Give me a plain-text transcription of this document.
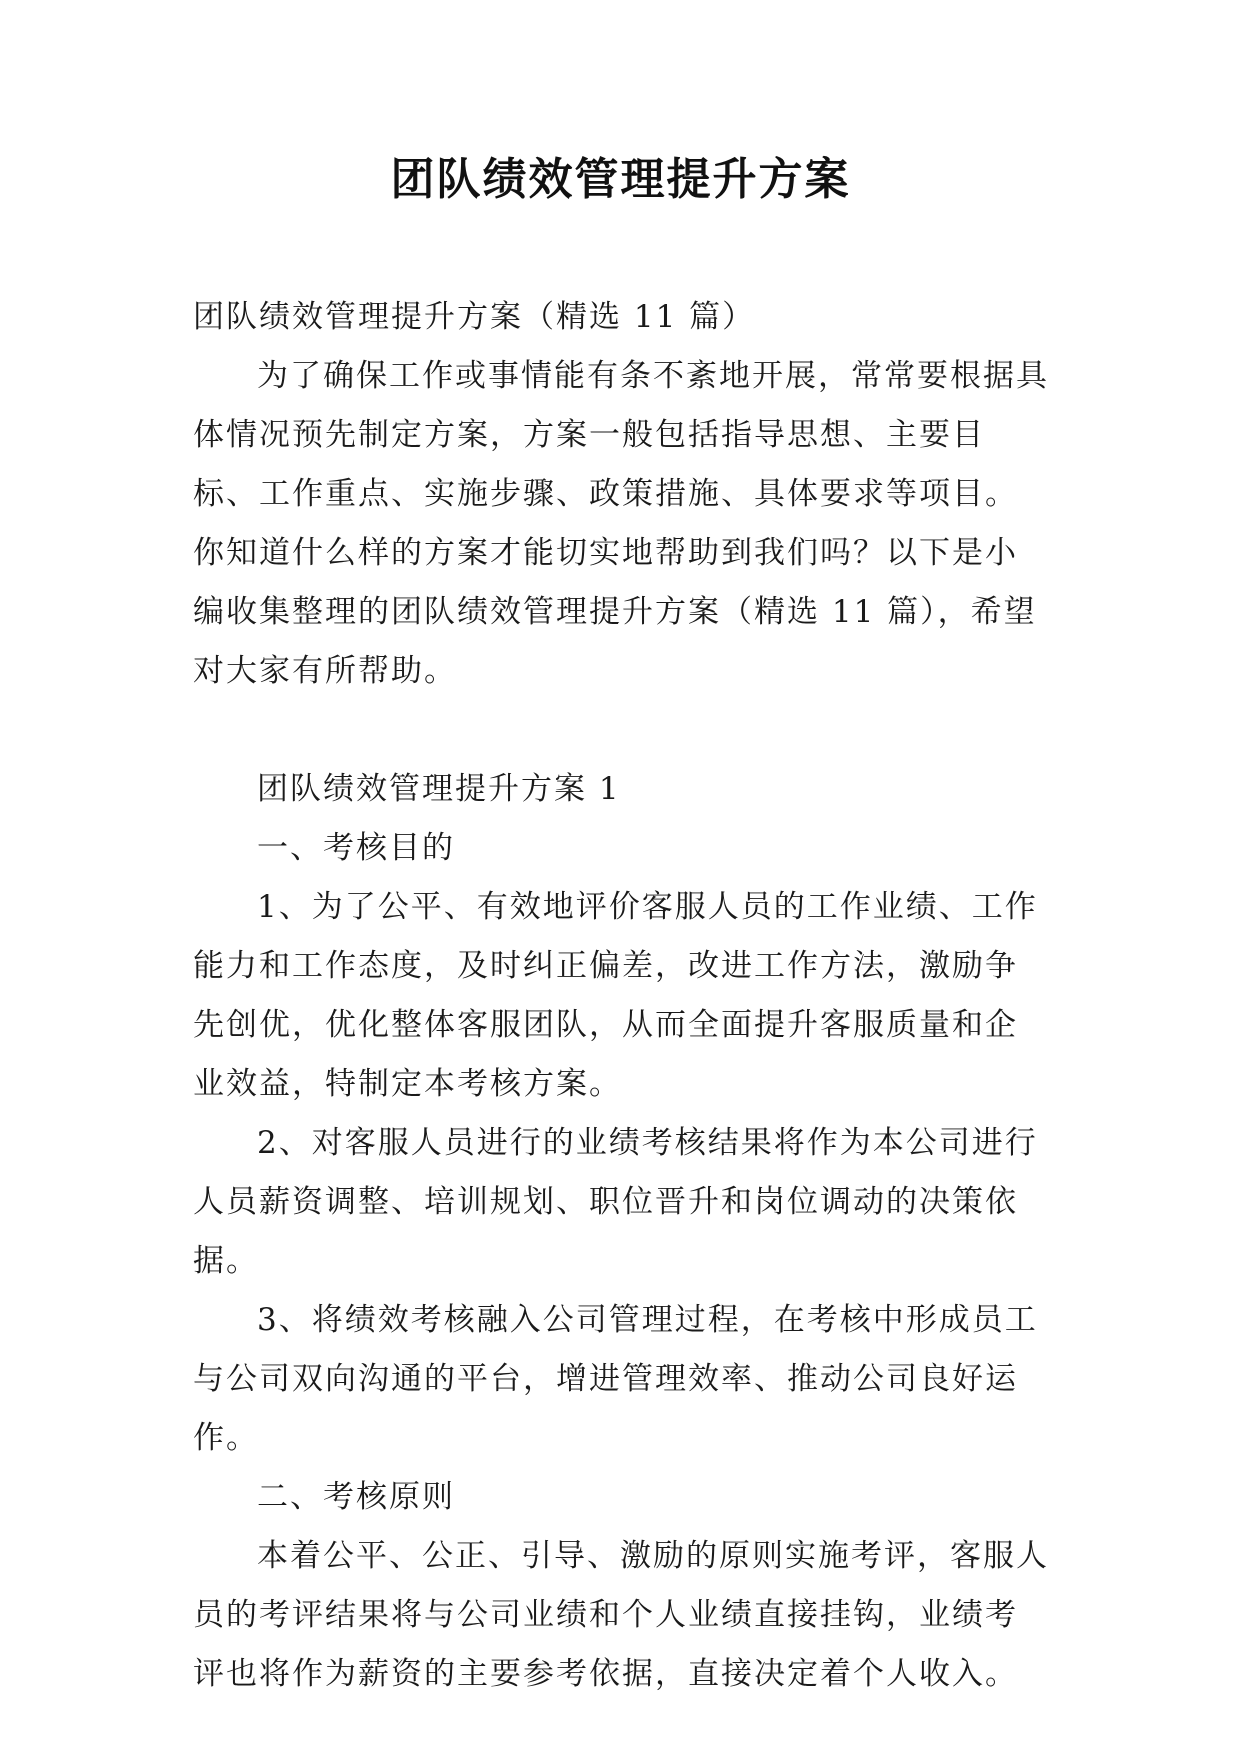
团队绩效管理提升方案

团队绩效管理提升方案（精选 11 篇）

为了确保工作或事情能有条不紊地开展，常常要根据具体情况预先制定方案，方案一般包括指导思想、主要目标、工作重点、实施步骤、政策措施、具体要求等项目。你知道什么样的方案才能切实地帮助到我们吗？以下是小编收集整理的团队绩效管理提升方案（精选 11 篇），希望对大家有所帮助。

团队绩效管理提升方案 1

一、考核目的

1、为了公平、有效地评价客服人员的工作业绩、工作能力和工作态度，及时纠正偏差，改进工作方法，激励争先创优，优化整体客服团队，从而全面提升客服质量和企业效益，特制定本考核方案。

2、对客服人员进行的业绩考核结果将作为本公司进行人员薪资调整、培训规划、职位晋升和岗位调动的决策依据。

3、将绩效考核融入公司管理过程，在考核中形成员工与公司双向沟通的平台，增进管理效率、推动公司良好运作。

二、考核原则

本着公平、公正、引导、激励的原则实施考评，客服人员的考评结果将与公司业绩和个人业绩直接挂钩，业绩考评也将作为薪资的主要参考依据，直接决定着个人收入。
